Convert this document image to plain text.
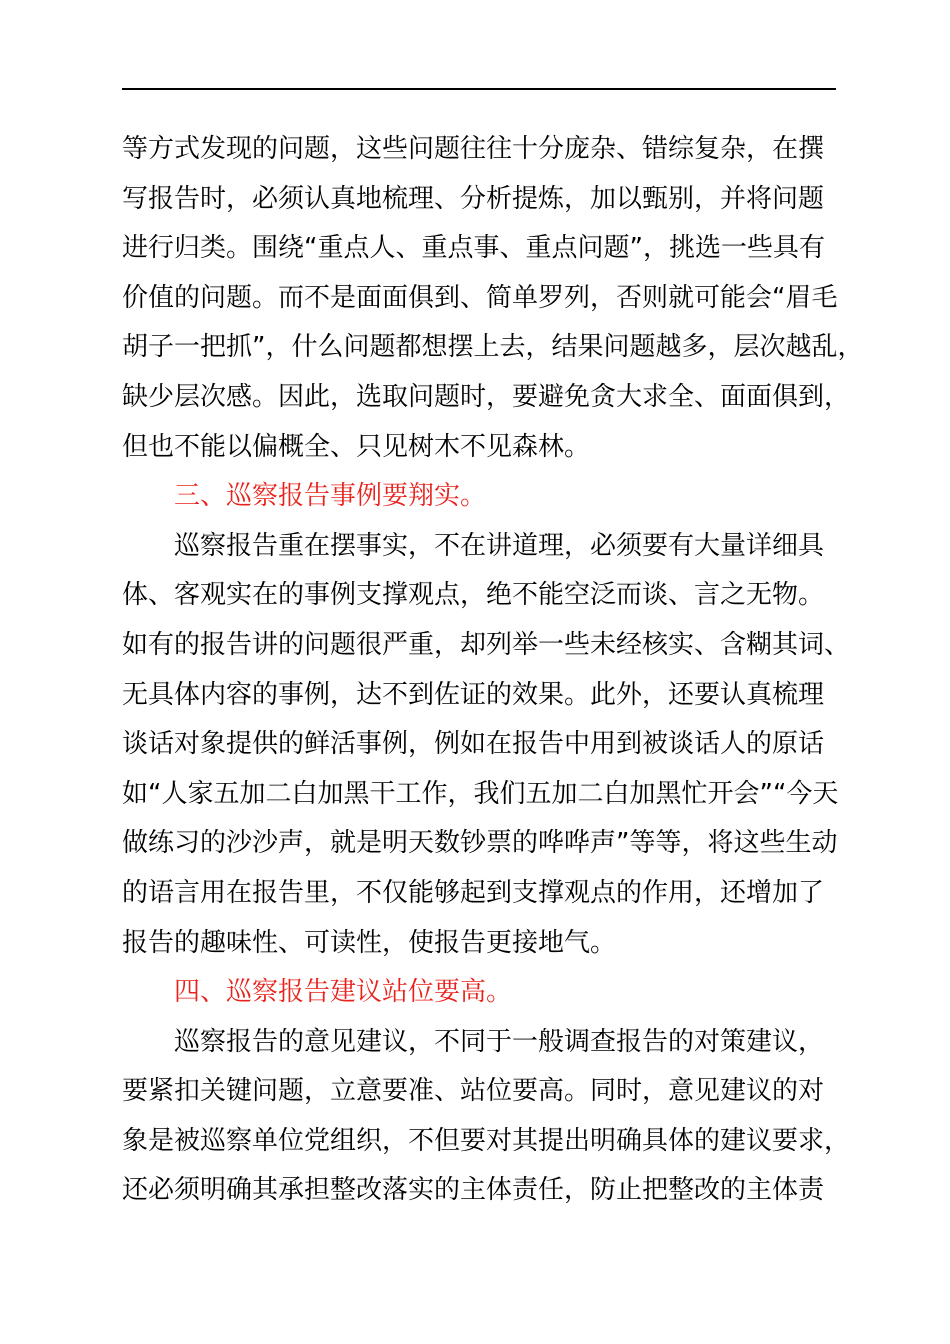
等方式发现的问题，这些问题往往十分庞杂、错综复杂，在撰
写报告时，必须认真地梳理、分析提炼，加以甄别，并将问题
进行归类。围绕“重点人、重点事、重点问题”，挑选一些具有
价值的问题。而不是面面俱到、简单罗列，否则就可能会“眉毛
胡子一把抓”，什么问题都想摆上去，结果问题越多，层次越乱，
缺少层次感。因此，选取问题时，要避免贪大求全、面面俱到，
但也不能以偏概全、只见树木不见森林。
三、巡察报告事例要翔实。
巡察报告重在摆事实，不在讲道理，必须要有大量详细具
体、客观实在的事例支撑观点，绝不能空泛而谈、言之无物。
如有的报告讲的问题很严重，却列举一些未经核实、含糊其词、
无具体内容的事例，达不到佐证的效果。此外，还要认真梳理
谈话对象提供的鲜活事例，例如在报告中用到被谈话人的原话
如“人家五加二白加黑干工作，我们五加二白加黑忙开会”“今天
做练习的沙沙声，就是明天数钞票的哗哗声”等等，将这些生动
的语言用在报告里，不仅能够起到支撑观点的作用，还增加了
报告的趣味性、可读性，使报告更接地气。
四、巡察报告建议站位要高。
巡察报告的意见建议，不同于一般调查报告的对策建议，
要紧扣关键问题，立意要准、站位要高。同时，意见建议的对
象是被巡察单位党组织，不但要对其提出明确具体的建议要求，
还必须明确其承担整改落实的主体责任，防止把整改的主体责
